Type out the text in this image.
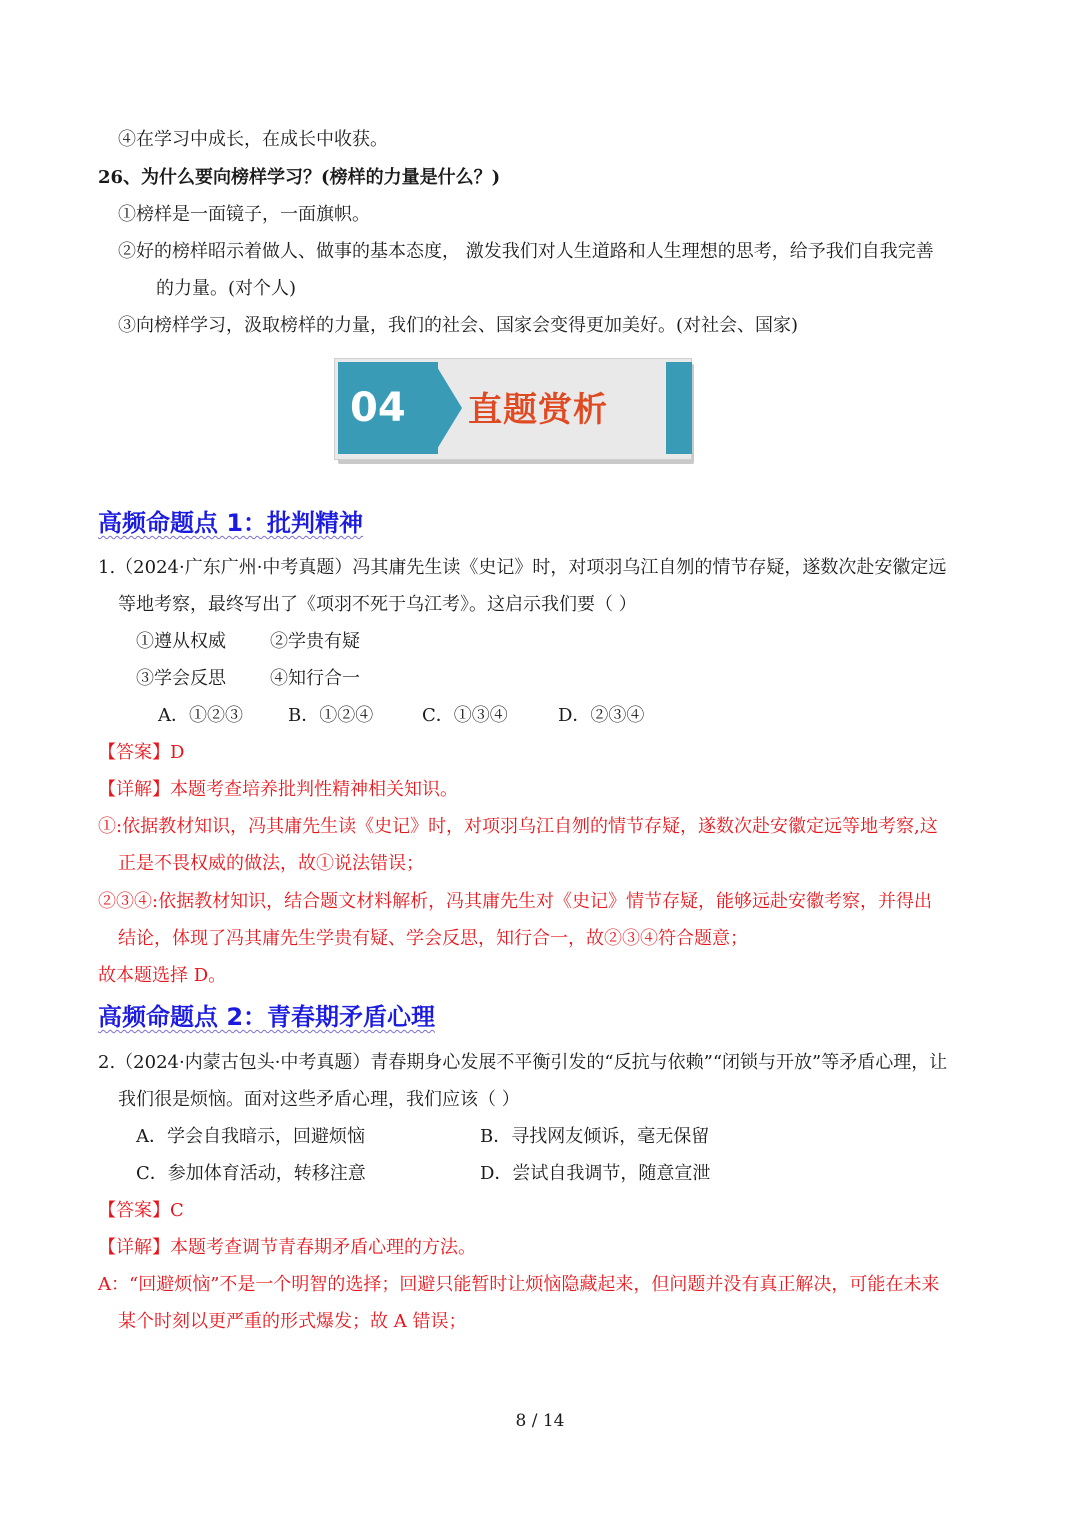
④在学习中成长，在成长中收获。
26、为什么要向榜样学习？(榜样的力量是什么？)
①榜样是一面镜子，一面旗帜。
②好的榜样昭示着做人、做事的基本态度， 激发我们对人生道路和人生理想的思考，给予我们自我完善
的力量。(对个人)
③向榜样学习，汲取榜样的力量，我们的社会、国家会变得更加美好。(对社会、国家)
04 直题赏析
高频命题点 1：批判精神
1.（2024·广东广州·中考真题）冯其庸先生读《史记》时，对项羽乌江自刎的情节存疑，遂数次赴安徽定远
等地考察，最终写出了《项羽不死于乌江考》。这启示我们要（ ）
①遵从权威 ②学贵有疑
③学会反思 ④知行合一
A．①②③	B．①②④	C．①③④	D．②③④
【答案】D
【详解】本题考查培养批判性精神相关知识。
①:依据教材知识，冯其庸先生读《史记》时，对项羽乌江自刎的情节存疑，遂数次赴安徽定远等地考察,这
正是不畏权威的做法，故①说法错误；
②③④:依据教材知识，结合题文材料解析，冯其庸先生对《史记》情节存疑，能够远赴安徽考察，并得出
结论，体现了冯其庸先生学贵有疑、学会反思，知行合一，故②③④符合题意；
故本题选择 D。
高频命题点 2：青春期矛盾心理
2.（2024·内蒙古包头·中考真题）青春期身心发展不平衡引发的“反抗与依赖”“闭锁与开放”等矛盾心理，让
我们很是烦恼。面对这些矛盾心理，我们应该（ ）
A．学会自我暗示，回避烦恼	B．寻找网友倾诉，毫无保留
C．参加体育活动，转移注意	D．尝试自我调节，随意宣泄
【答案】C
【详解】本题考查调节青春期矛盾心理的方法。
A：“回避烦恼”不是一个明智的选择；回避只能暂时让烦恼隐藏起来，但问题并没有真正解决，可能在未来
某个时刻以更严重的形式爆发；故 A 错误；
8 / 14
